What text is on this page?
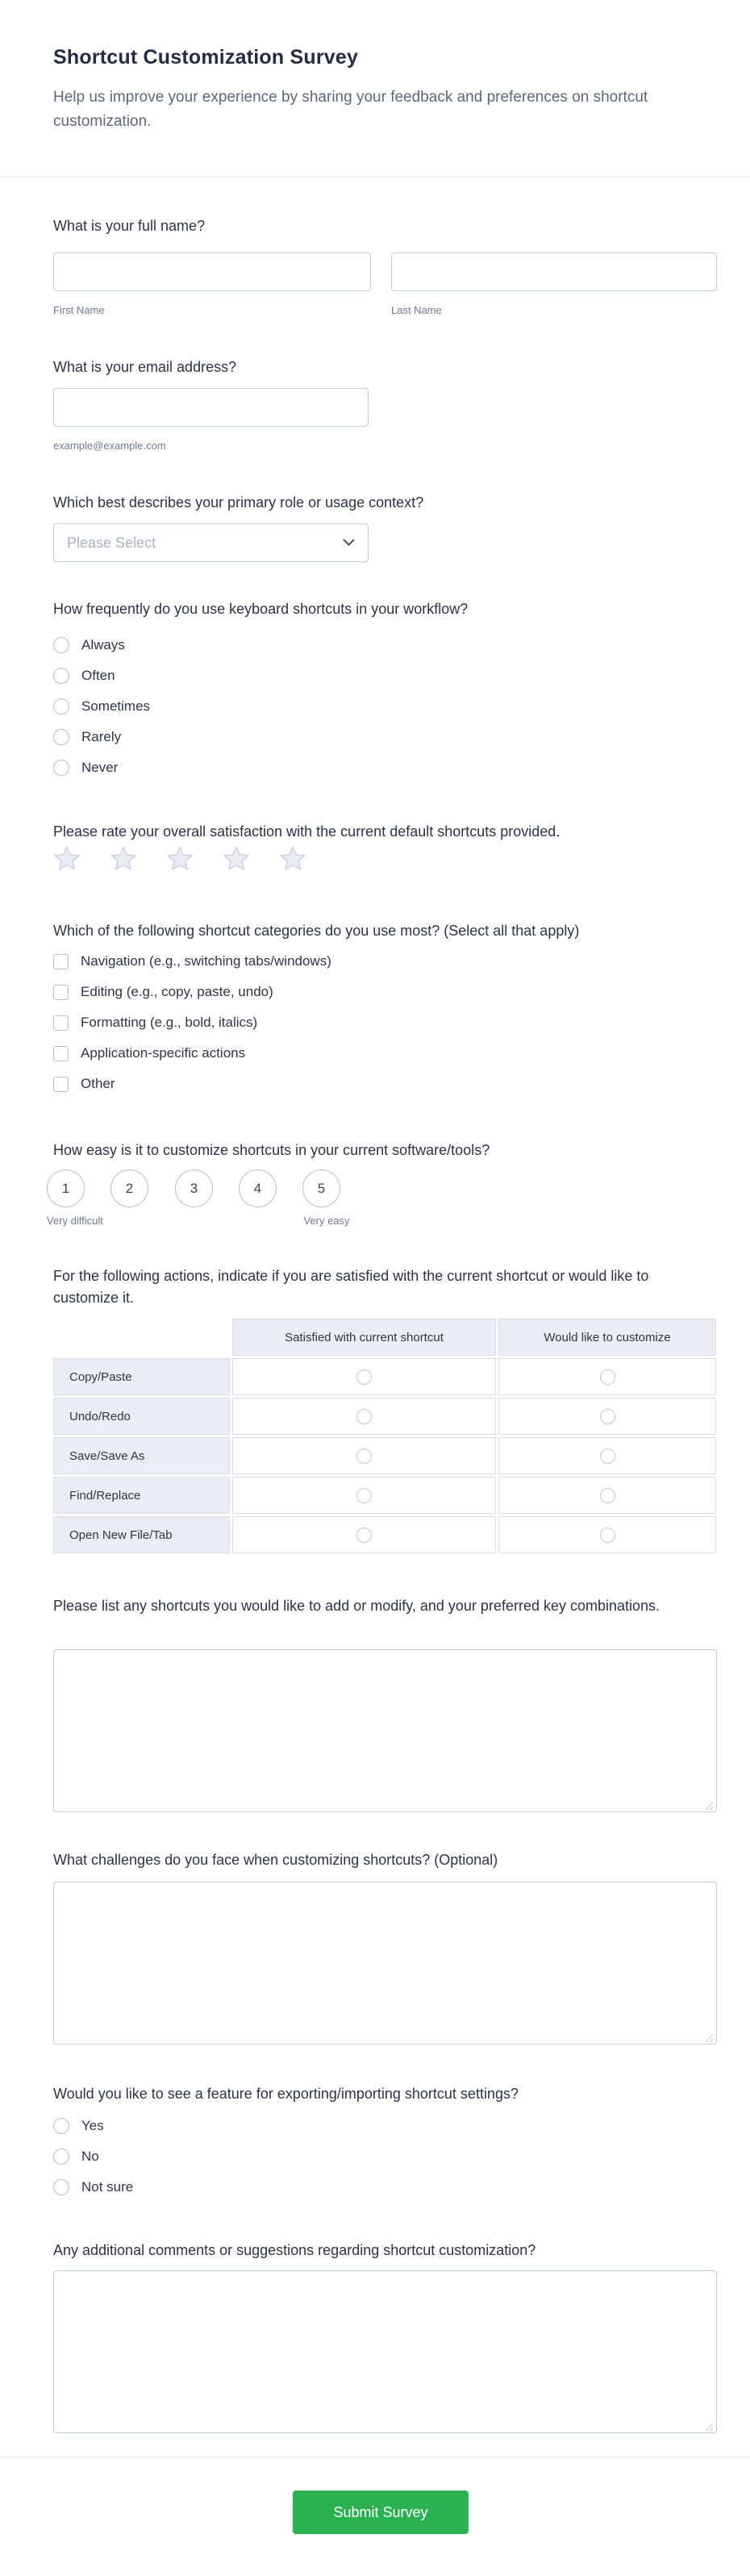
Shortcut Customization Survey
Help us improve your experience by sharing your feedback and preferences on shortcut customization.
What is your full name?
First Name	Last Name
What is your email address?
example@example.com
Which best describes your primary role or usage context?
Please Select
How frequently do you use keyboard shortcuts in your workflow?
Always
Often
Sometimes
Rarely
Never
Please rate your overall satisfaction with the current default shortcuts provided.
Which of the following shortcut categories do you use most? (Select all that apply)
Navigation (e.g., switching tabs/windows)
Editing (e.g., copy, paste, undo)
Formatting (e.g., bold, italics)
Application-specific actions
Other
How easy is it to customize shortcuts in your current software/tools?
1	2	3	4	5
Very difficult	Very easy
For the following actions, indicate if you are satisfied with the current shortcut or would like to customize it.
Satisfied with current shortcut	Would like to customize
Copy/Paste
Undo/Redo
Save/Save As
Find/Replace
Open New File/Tab
Please list any shortcuts you would like to add or modify, and your preferred key combinations.
What challenges do you face when customizing shortcuts? (Optional)
Would you like to see a feature for exporting/importing shortcut settings?
Yes
No
Not sure
Any additional comments or suggestions regarding shortcut customization?
Submit Survey
